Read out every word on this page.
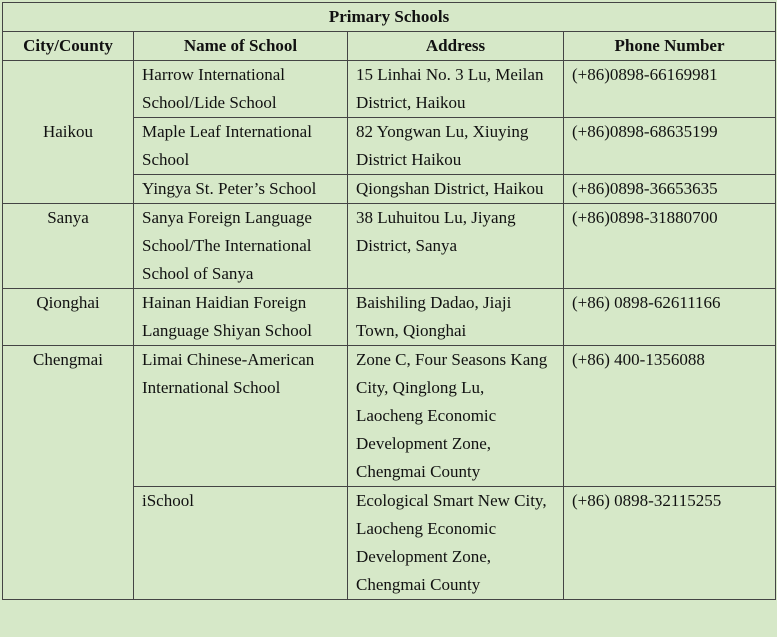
Primary Schools			
City/County	Name of School	Address	Phone Number
Haikou	Harrow International School/Lide School	15 Linhai No. 3 Lu, Meilan District, Haikou	(+86)0898-66169981
	Maple Leaf International School	82 Yongwan Lu, Xiuying District Haikou	(+86)0898-68635199
	Yingya St. Peter’s School	Qiongshan District, Haikou	(+86)0898-36653635
Sanya	Sanya Foreign Language School/The International School of Sanya	38 Luhuitou Lu, Jiyang District, Sanya	(+86)0898-31880700
Qionghai	Hainan Haidian Foreign Language Shiyan School	Baishiling Dadao, Jiaji Town, Qionghai	(+86) 0898-62611166
Chengmai	Limai Chinese-American International School	Zone C, Four Seasons Kang City, Qinglong Lu, Laocheng Economic Development Zone, Chengmai County	(+86) 400-1356088
	iSchool	Ecological Smart New City, Laocheng Economic Development Zone, Chengmai County	(+86) 0898-32115255
